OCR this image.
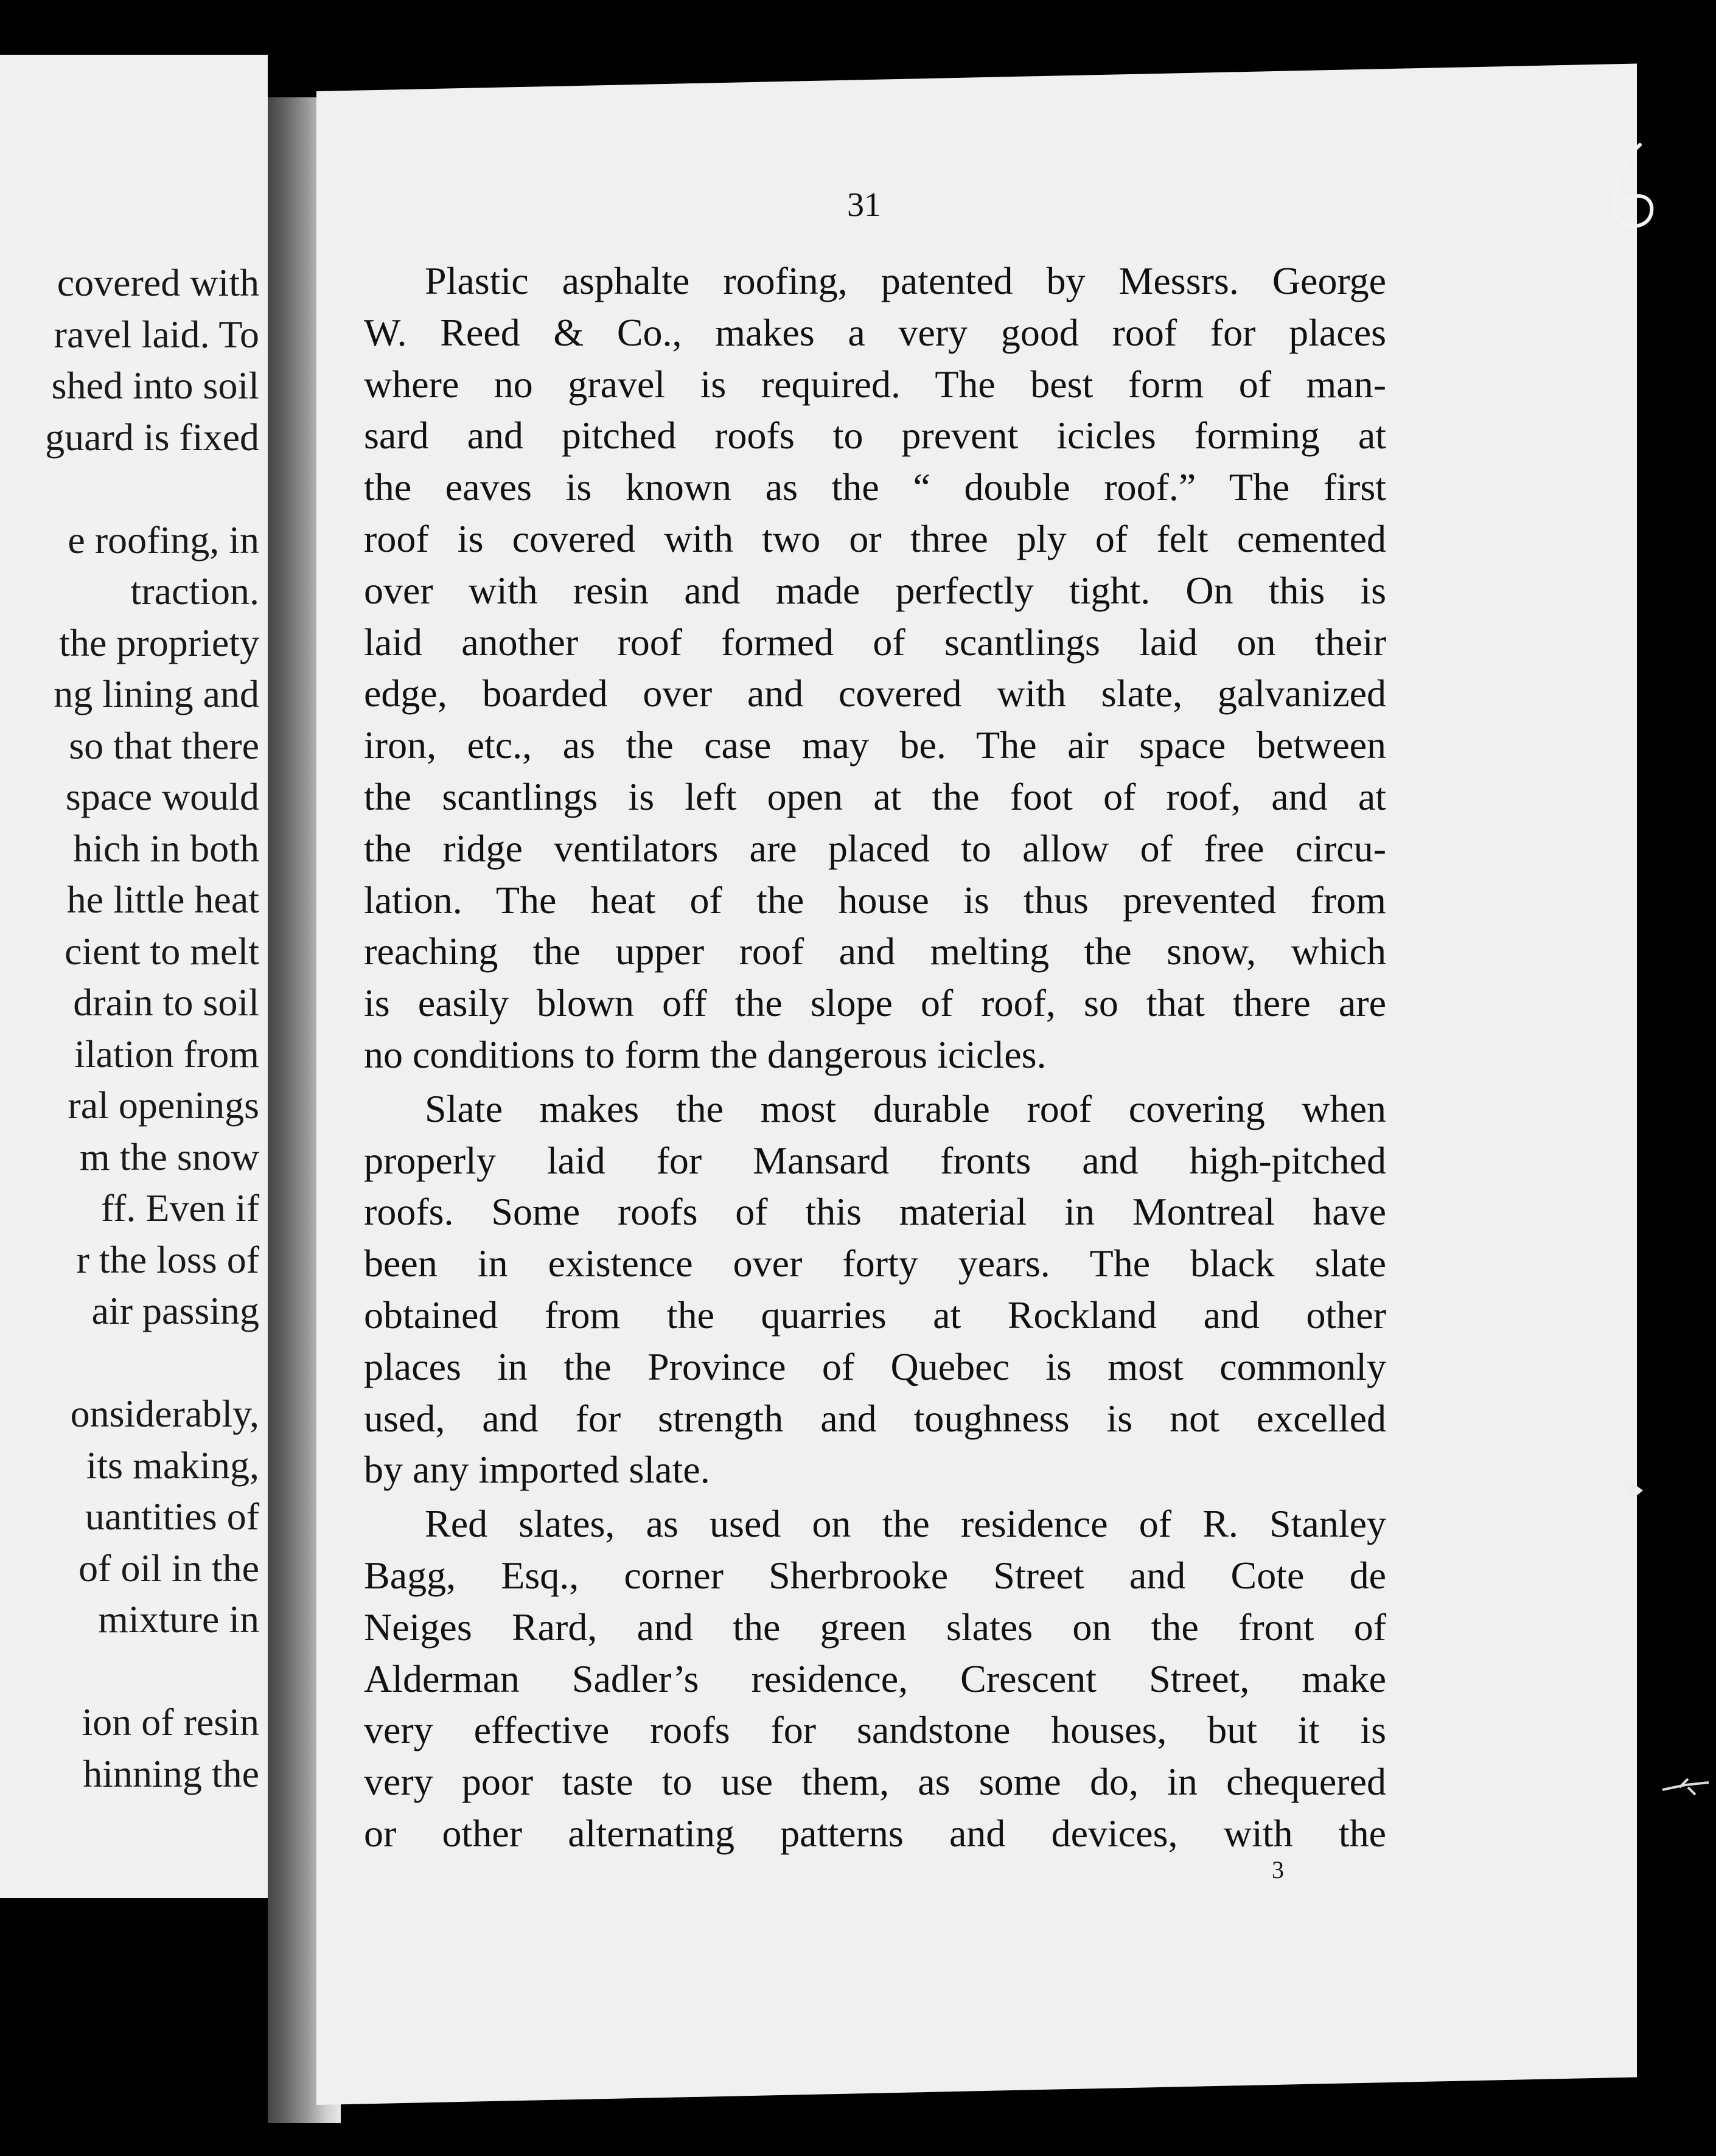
covered with
ravel laid. To
shed into soil
guard is fixed
e roofing, in
traction.
the propriety
ng lining and
so that there
space would
hich in both
he little heat
cient to melt
drain to soil
ilation from
ral openings
m the snow
ff. Even if
r the loss of
air passing
onsiderably,
its making,
uantities of
of oil in the
mixture in
ion of resin
hinning the
31
Plastic asphalte roofing, patented by Messrs. George
W. Reed & Co., makes a very good roof for places
where no gravel is required. The best form of man-
sard and pitched roofs to prevent icicles forming at
the eaves is known as the “ double roof.” The first
roof is covered with two or three ply of felt cemented
over with resin and made perfectly tight. On this is
laid another roof formed of scantlings laid on their
edge, boarded over and covered with slate, galvanized
iron, etc., as the case may be. The air space between
the scantlings is left open at the foot of roof, and at
the ridge ventilators are placed to allow of free circu-
lation. The heat of the house is thus prevented from
reaching the upper roof and melting the snow, which
is easily blown off the slope of roof, so that there are
no conditions to form the dangerous icicles.
Slate makes the most durable roof covering when
properly laid for Mansard fronts and high-pitched
roofs. Some roofs of this material in Montreal have
been in existence over forty years. The black slate
obtained from the quarries at Rockland and other
places in the Province of Quebec is most commonly
used, and for strength and toughness is not excelled
by any imported slate.
Red slates, as used on the residence of R. Stanley
Bagg, Esq., corner Sherbrooke Street and Cote de
Neiges Rard, and the green slates on the front of
Alderman Sadler’s residence, Crescent Street, make
very effective roofs for sandstone houses, but it is
very poor taste to use them, as some do, in chequered
or other alternating patterns and devices, with the
3
